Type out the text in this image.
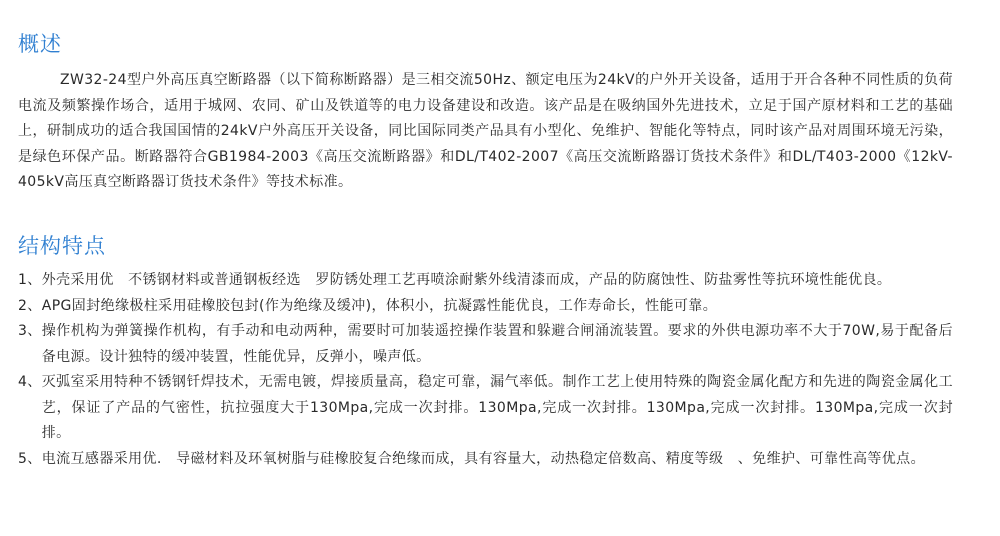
概述

ZW32-24型户外高压真空断路器（以下简称断路器）是三相交流50Hz、额定电压为24kV的户外开关设备，适用于开合各种不同性质的负荷电流及频繁操作场合，适用于城网、农同、矿山及铁道等的电力设备建设和改造。该产品是在吸纳国外先进技术，立足于国产原材料和工艺的基础上，研制成功的适合我国国情的24kV户外高压开关设备，同比国际同类产品具有小型化、免维护、智能化等特点，同时该产品对周围环境无污染，是绿色环保产品。断路器符合GB1984-2003《高压交流断路器》和DL/T402-2007《高压交流断路器订货技术条件》和DL/T403-2000《12kV-405kV高压真空断路器订货技术条件》等技术标准。

结构特点
1、 外壳采用优　不锈钢材料或普通钢板经选　罗防锈处理工艺再喷涂耐紫外线清漆而成，产品的防腐蚀性、防盐雾性等抗环境性能优良。
2、 APG固封绝缘极柱采用硅橡胶包封(作为绝缘及缓冲)，体积小，抗凝露性能优良，工作寿命长，性能可靠。
3、 操作机构为弹簧操作机构，有手动和电动两种，需要时可加装遥控操作装置和躲避合闸涌流装置。要求的外供电源功率不大于70W,易于配备后备电源。设计独特的缓冲装置，性能优异，反弹小，噪声低。
4、 灭弧室采用特种不锈钢钎焊技术，无需电镀，焊接质量高，稳定可靠，漏气率低。制作工艺上使用特殊的陶瓷金属化配方和先进的陶瓷金属化工艺，保证了产品的气密性，抗拉强度大于130Mpa,完成一次封排。130Mpa,完成一次封排。130Mpa,完成一次封排。130Mpa,完成一次封排。
5、 电流互感器采用优.　导磁材料及环氧树脂与硅橡胶复合绝缘而成，具有容量大，动热稳定倍数高、精度等级　、免维护、可靠性高等优点。
